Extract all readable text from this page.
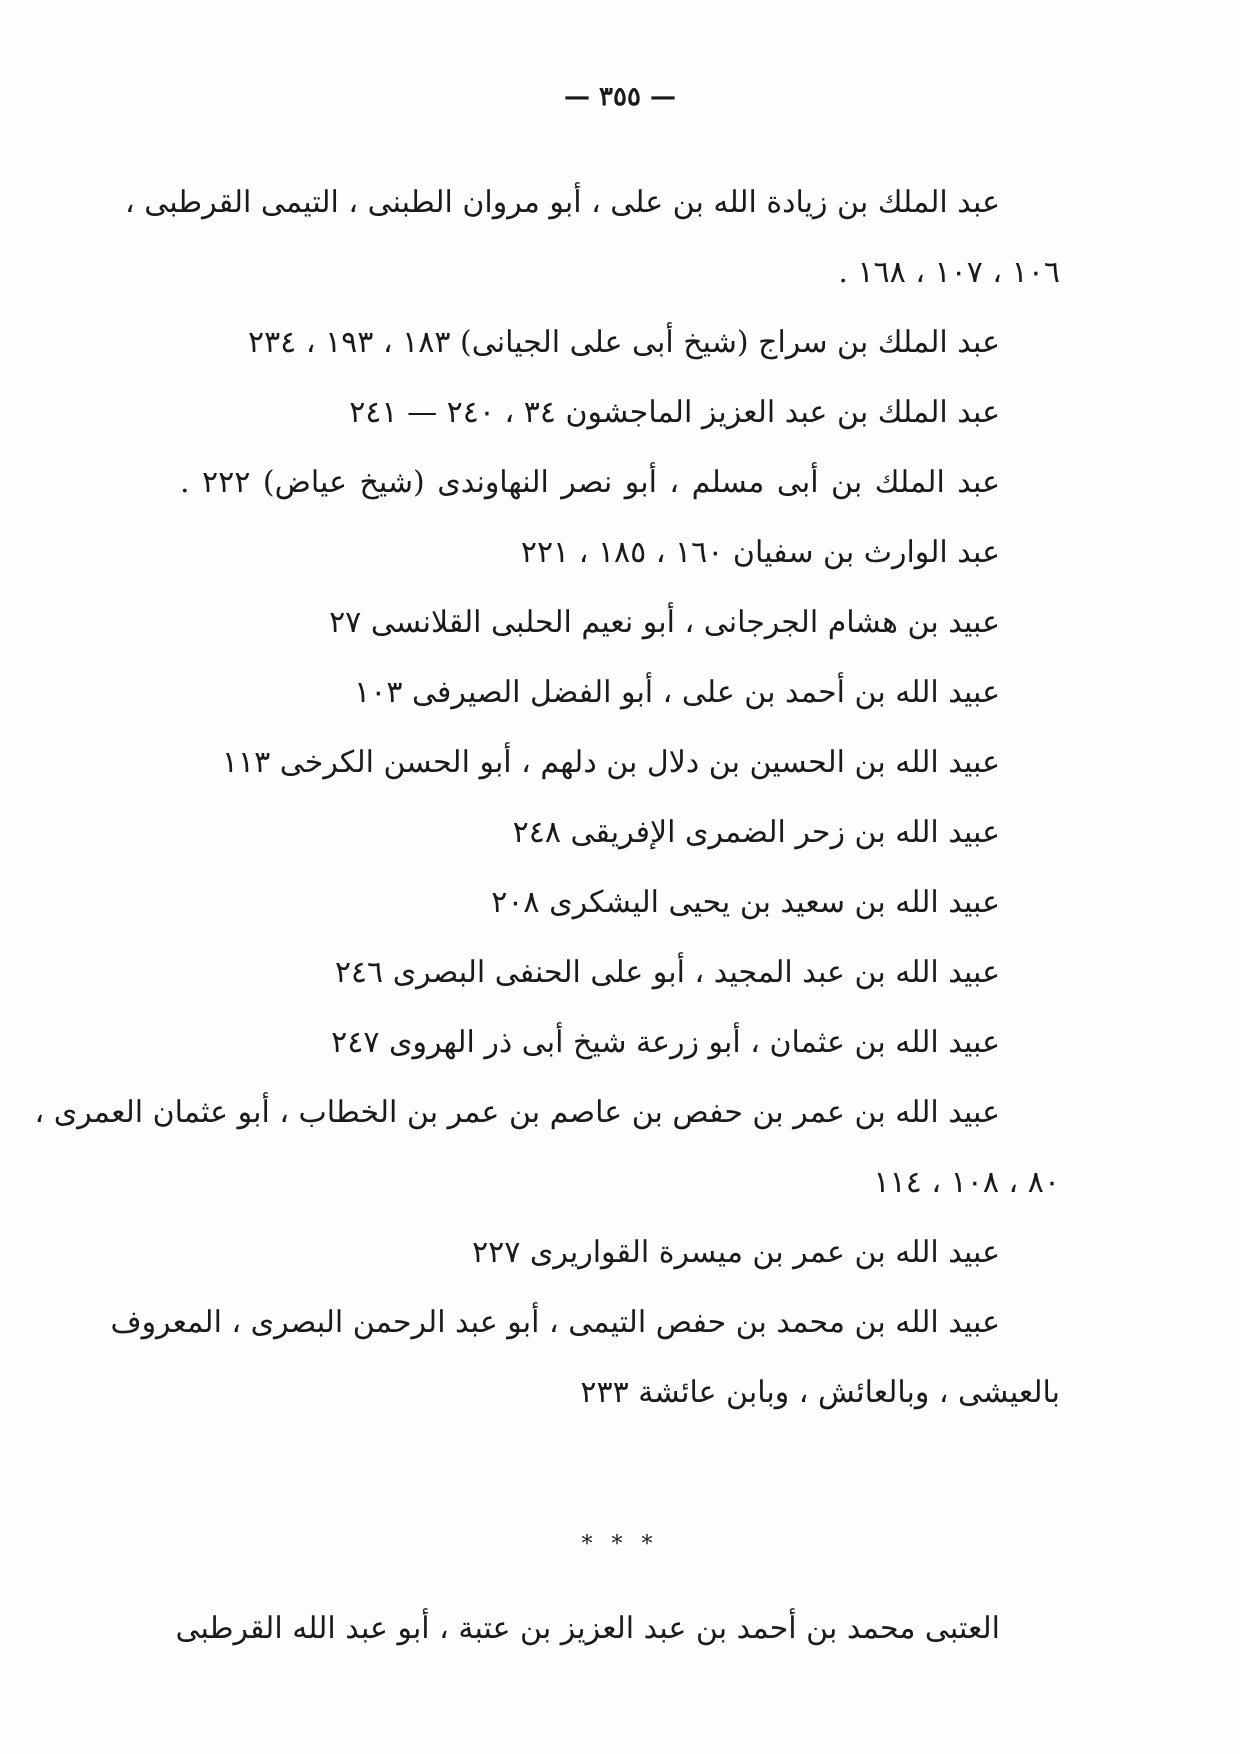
— ٣٥٥ —
عبد الملك بن زيادة الله بن على ، أبو مروان الطبنى ، التيمى القرطبى ،
١٠٦ ، ١٠٧ ، ١٦٨ .
عبد الملك بن سراج (شيخ أبى على الجيانى) ١٨٣ ، ١٩٣ ، ٢٣٤
عبد الملك بن عبد العزيز الماجشون ٣٤ ، ٢٤٠ — ٢٤١
عبد الملك بن أبى مسلم ، أبو نصر النهاوندى (شيخ عياض) ٢٢٢ .
عبد الوارث بن سفيان ١٦٠ ، ١٨٥ ، ٢٢١
عبيد بن هشام الجرجانى ، أبو نعيم الحلبى القلانسى ٢٧
عبيد الله بن أحمد بن على ، أبو الفضل الصيرفى ١٠٣
عبيد الله بن الحسين بن دلال بن دلهم ، أبو الحسن الكرخى ١١٣
عبيد الله بن زحر الضمرى الإفريقى ٢٤٨
عبيد الله بن سعيد بن يحيى اليشكرى ٢٠٨
عبيد الله بن عبد المجيد ، أبو على الحنفى البصرى ٢٤٦
عبيد الله بن عثمان ، أبو زرعة شيخ أبى ذر الهروى ٢٤٧
عبيد الله بن عمر بن حفص بن عاصم بن عمر بن الخطاب ، أبو عثمان العمرى ،
٨٠ ، ١٠٨ ، ١١٤
عبيد الله بن عمر بن ميسرة القواريرى ٢٢٧
عبيد الله بن محمد بن حفص التيمى ، أبو عبد الرحمن البصرى ، المعروف
بالعيشى ، وبالعائش ، وبابن عائشة ٢٣٣
* * *
العتبى محمد بن أحمد بن عبد العزيز بن عتبة ، أبو عبد الله القرطبى
